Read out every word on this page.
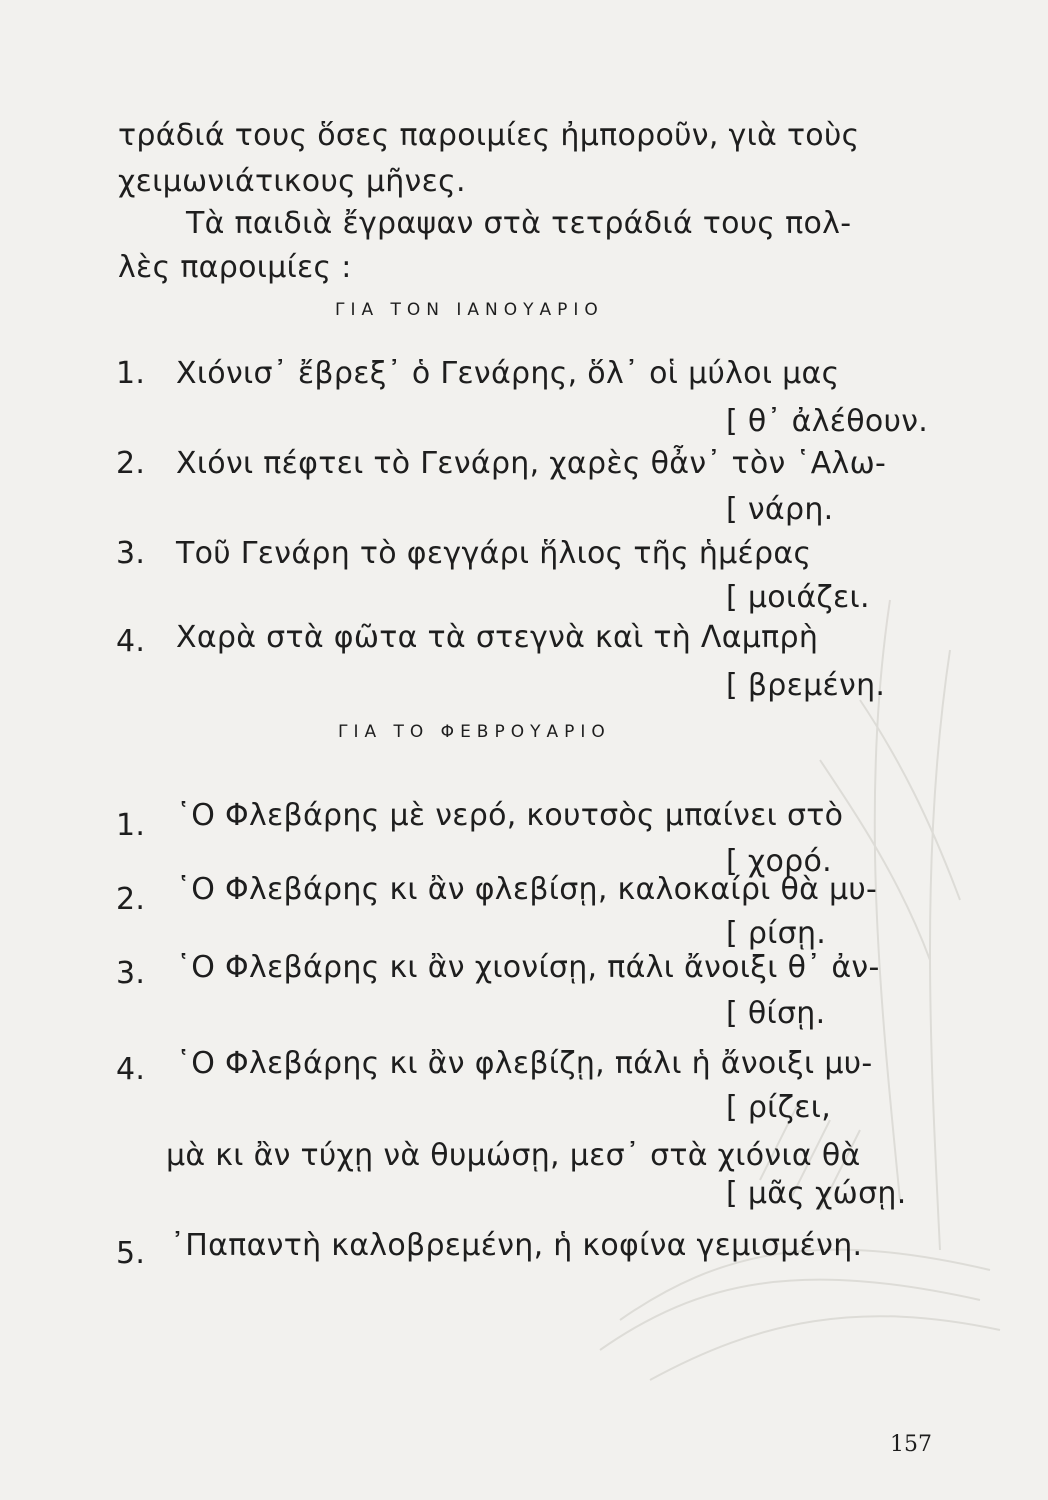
τράδιά τους ὅσες παροιμίες ἠμποροῦν, γιὰ τοὺς
χειμωνιάτικους μῆνες.
Τὰ παιδιὰ ἔγραψαν στὰ τετράδιά τους πολ-
λὲς παροιμίες :
ΓΙΑ ΤΟΝ ΙΑΝΟΥΑΡΙΟ
1. Χιόνισ᾽ ἔβρεξ᾽ ὁ Γενάρης, ὅλ᾽ οἱ μύλοι μας
[ θ᾽ ἀλέθουν.
2. Χιόνι πέφτει τὸ Γενάρη, χαρὲς θἆν᾽ τὸν ῾Αλω-
[ νάρη.
3. Τοῦ Γενάρη τὸ φεγγάρι ἥλιος τῆς ἡμέρας
[ μοιάζει.
4. Χαρὰ στὰ φῶτα τὰ στεγνὰ καὶ τὴ Λαμπρὴ
[ βρεμένη.
ΓΙΑ ΤΟ ΦΕΒΡΟΥΑΡΙΟ
1. ῾Ο Φλεβάρης μὲ νερό, κουτσὸς μπαίνει στὸ
[ χορό.
2. ῾Ο Φλεβάρης κι ἂν φλεβίσῃ, καλοκαίρι θὰ μυ-
[ ρίσῃ.
3. ῾Ο Φλεβάρης κι ἂν χιονίσῃ, πάλι ἄνοιξι θ᾽ ἀν-
[ θίσῃ.
4. ῾Ο Φλεβάρης κι ἂν φλεβίζῃ, πάλι ἡ ἄνοιξι μυ-
[ ρίζει,
μὰ κι ἂν τύχῃ νὰ θυμώσῃ, μεσ᾽ στὰ χιόνια θὰ
[ μᾶς χώσῃ.
5. ᾽Παπαντὴ καλοβρεμένη, ἡ κοφίνα γεμισμένη.
157
